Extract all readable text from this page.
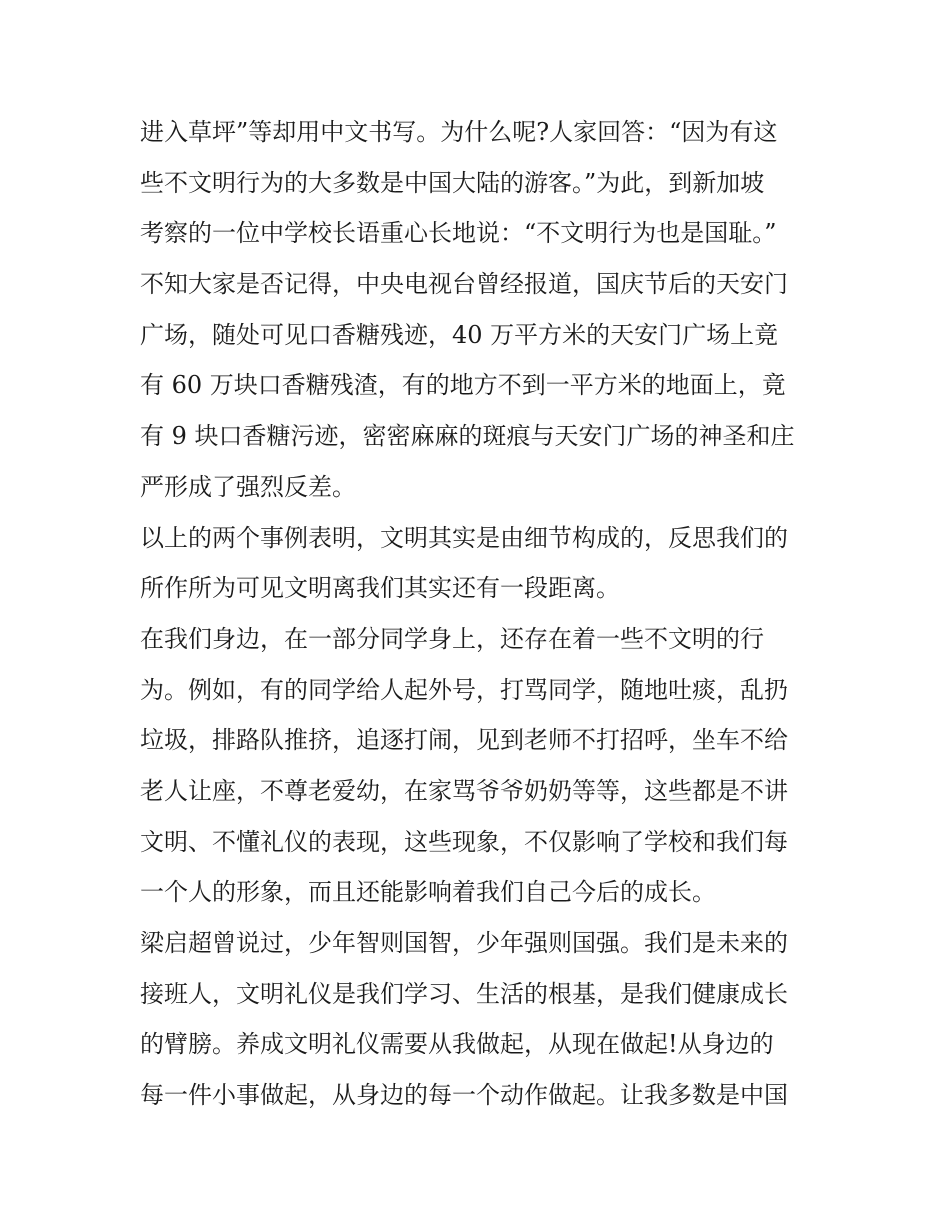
进入草坪”等却用中文书写。为什么呢?人家回答：“因为有这
些不文明行为的大多数是中国大陆的游客。”为此，到新加坡
考察的一位中学校长语重心长地说：“不文明行为也是国耻。”
不知大家是否记得，中央电视台曾经报道，国庆节后的天安门
广场，随处可见口香糖残迹，40 万平方米的天安门广场上竟
有 60 万块口香糖残渣，有的地方不到一平方米的地面上，竟
有 9 块口香糖污迹，密密麻麻的斑痕与天安门广场的神圣和庄
严形成了强烈反差。
以上的两个事例表明，文明其实是由细节构成的，反思我们的
所作所为可见文明离我们其实还有一段距离。
在我们身边，在一部分同学身上，还存在着一些不文明的行
为。例如，有的同学给人起外号，打骂同学，随地吐痰，乱扔
垃圾，排路队推挤，追逐打闹，见到老师不打招呼，坐车不给
老人让座，不尊老爱幼，在家骂爷爷奶奶等等，这些都是不讲
文明、不懂礼仪的表现，这些现象，不仅影响了学校和我们每
一个人的形象，而且还能影响着我们自己今后的成长。
梁启超曾说过，少年智则国智，少年强则国强。我们是未来的
接班人，文明礼仪是我们学习、生活的根基，是我们健康成长
的臂膀。养成文明礼仪需要从我做起，从现在做起!从身边的
每一件小事做起，从身边的每一个动作做起。让我多数是中国
